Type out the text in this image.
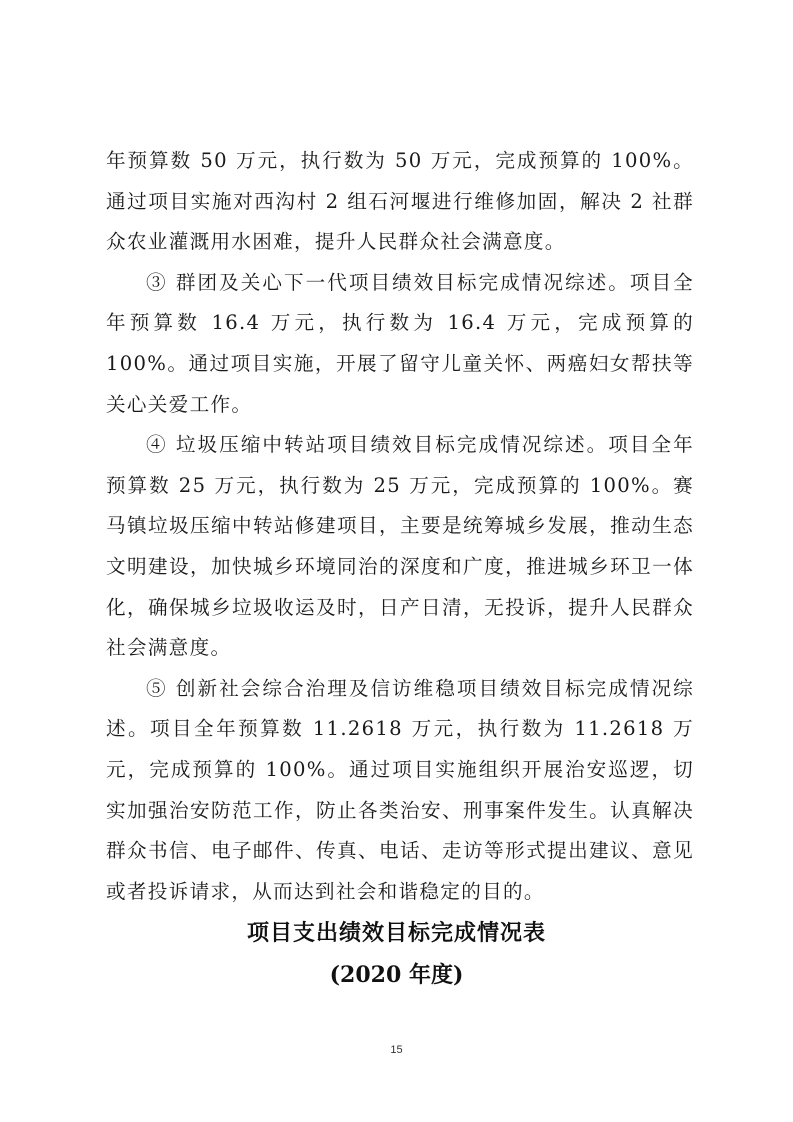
年预算数 50 万元，执行数为 50 万元，完成预算的 100%。通过项目实施对西沟村 2 组石河堰进行维修加固，解决 2 社群众农业灌溉用水困难，提升人民群众社会满意度。

③ 群团及关心下一代项目绩效目标完成情况综述。项目全年预算数 16.4 万元，执行数为 16.4 万元，完成预算的 100%。通过项目实施，开展了留守儿童关怀、两癌妇女帮扶等关心关爱工作。

④ 垃圾压缩中转站项目绩效目标完成情况综述。项目全年预算数 25 万元，执行数为 25 万元，完成预算的 100%。赛马镇垃圾压缩中转站修建项目，主要是统筹城乡发展，推动生态文明建设，加快城乡环境同治的深度和广度，推进城乡环卫一体化，确保城乡垃圾收运及时，日产日清，无投诉，提升人民群众社会满意度。

⑤ 创新社会综合治理及信访维稳项目绩效目标完成情况综述。项目全年预算数 11.2618 万元，执行数为 11.2618 万元，完成预算的 100%。通过项目实施组织开展治安巡逻，切实加强治安防范工作，防止各类治安、刑事案件发生。认真解决群众书信、电子邮件、传真、电话、走访等形式提出建议、意见或者投诉请求，从而达到社会和谐稳定的目的。

项目支出绩效目标完成情况表
(2020 年度)
15
